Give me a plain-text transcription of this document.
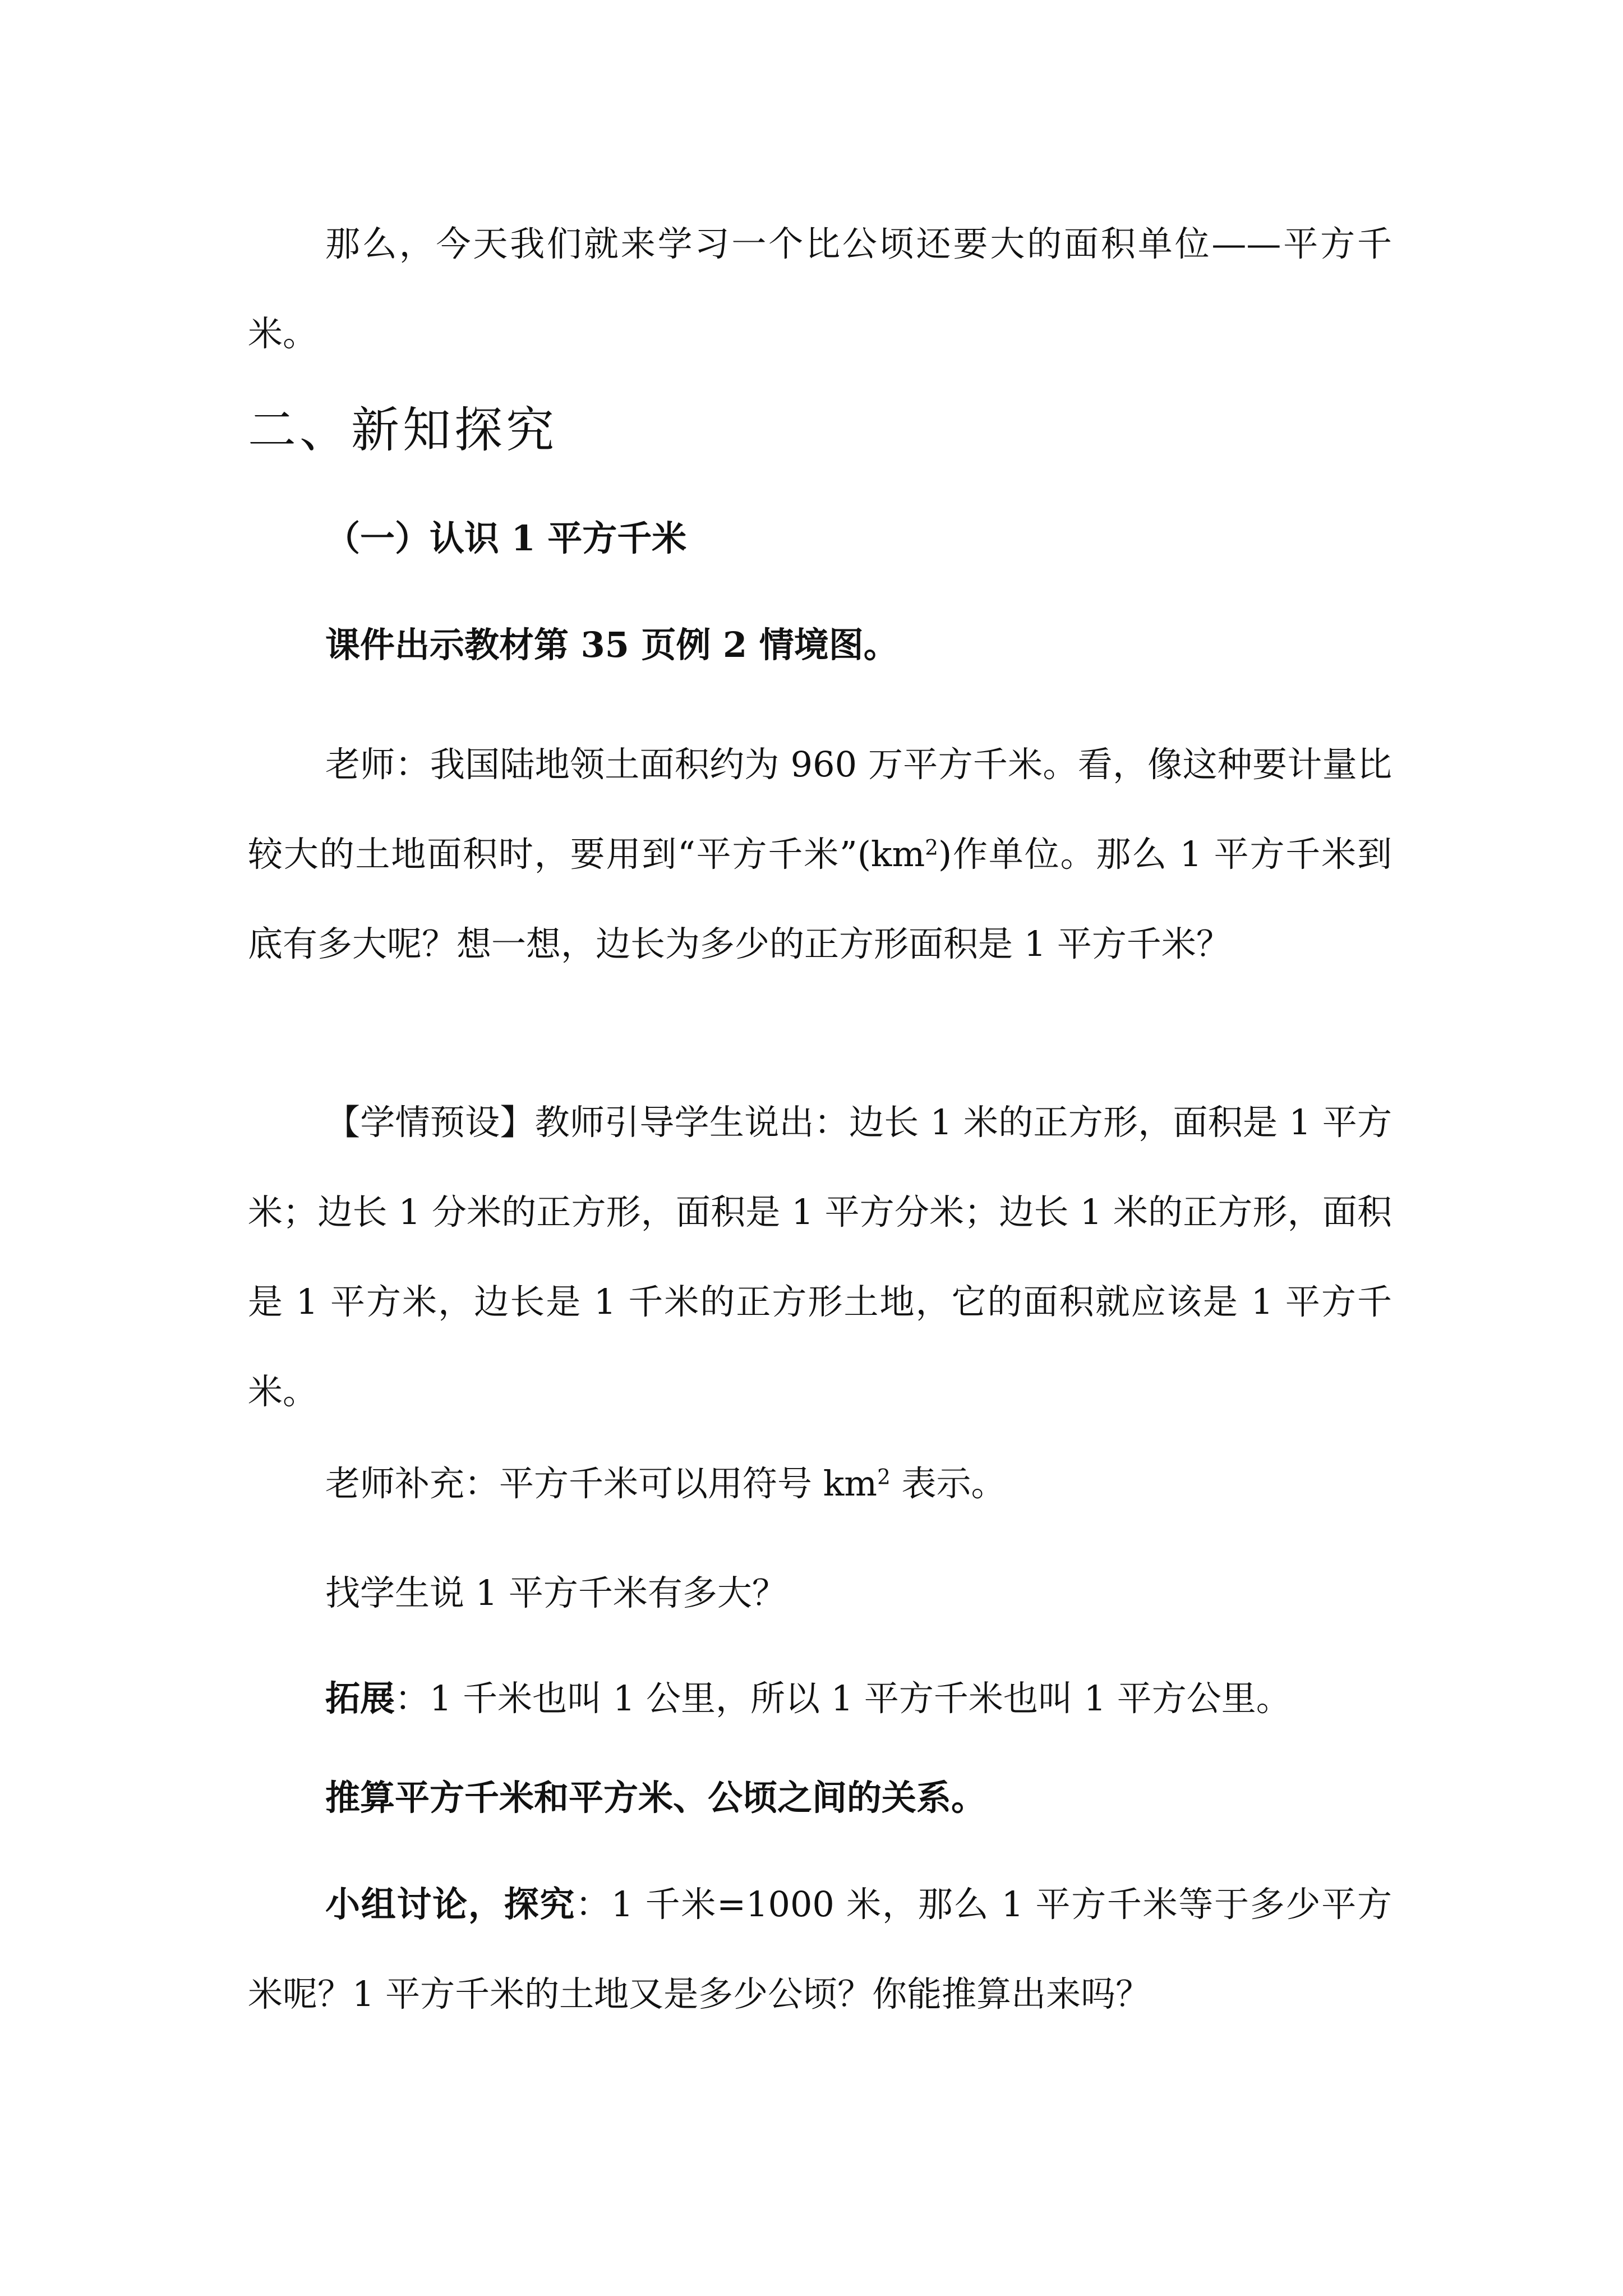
那么，今天我们就来学习一个比公顷还要大的面积单位——平方千米。

二、新知探究

（一）认识 1 平方千米

课件出示教材第 35 页例 2 情境图。

老师：我国陆地领土面积约为 960 万平方千米。看，像这种要计量比较大的土地面积时，要用到“平方千米$”(km^2)$作单位。那么 1 平方千米到底有多大呢？想一想，边长为多少的正方形面积是 1 平方千米？

【学情预设】教师引导学生说出：边长 1 米的正方形，面积是 1 平方米；边长 1 分米的正方形，面积是 1 平方分米；边长 1 米的正方形，面积是 1 平方米，边长是 1 千米的正方形土地，它的面积就应该是 1 平方千米。

老师补充：平方千米可以用符号 $km^2$ 表示。

找学生说 1 平方千米有多大？

拓展：1 千米也叫 1 公里，所以 1 平方千米也叫 1 平方公里。

推算平方千米和平方米、公顷之间的关系。

小组讨论，探究：1 千米=1000 米，那么 1 平方千米等于多少平方米呢？1 平方千米的土地又是多少公顷？你能推算出来吗？
